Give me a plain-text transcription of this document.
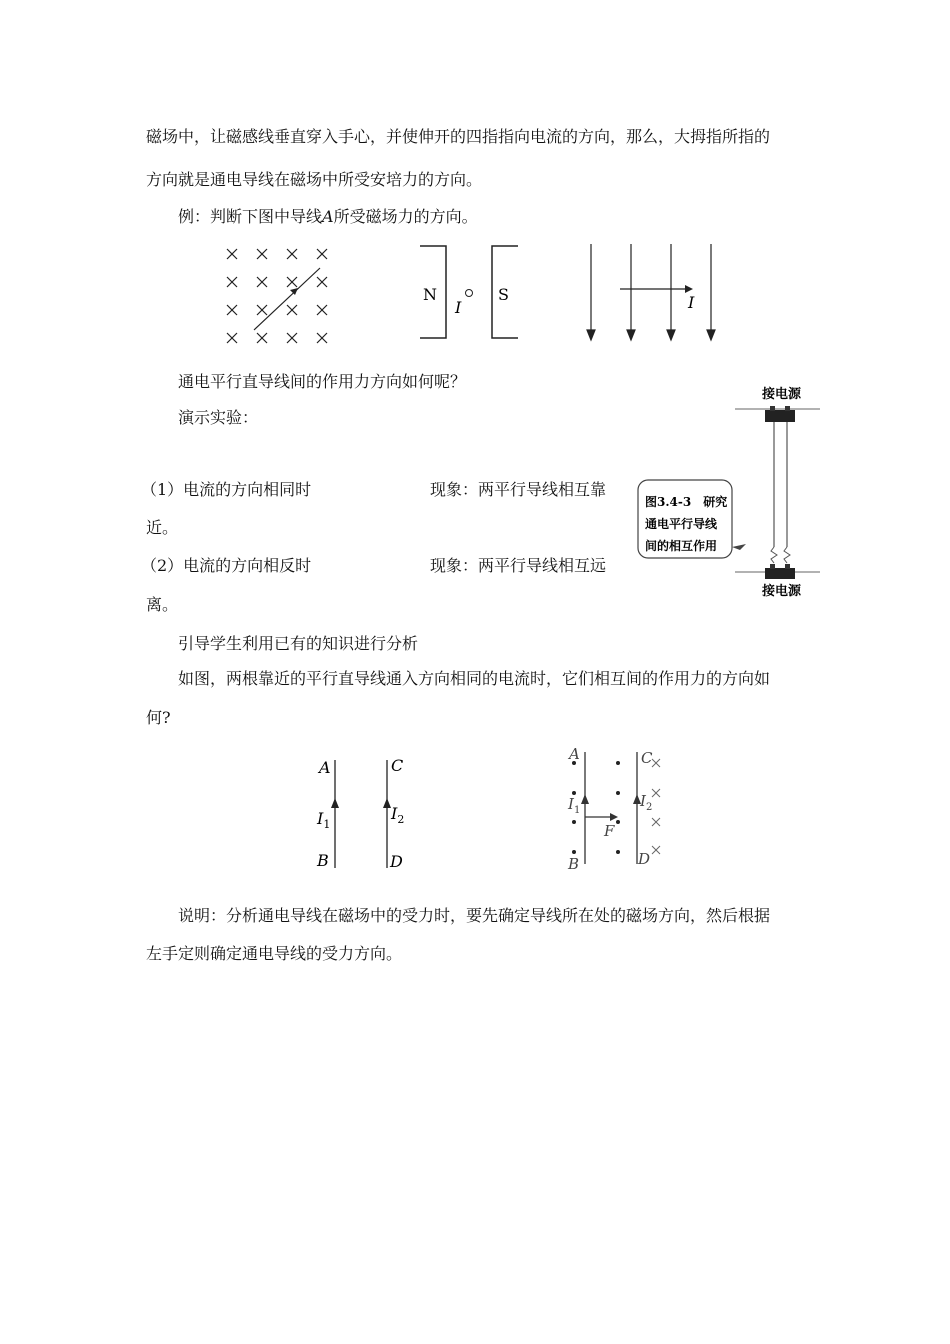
磁场中，让磁感线垂直穿入手心，并使伸开的四指指向电流的方向，那么，大拇指所指的
方向就是通电导线在磁场中所受安培力的方向。
例：判断下图中导线A所受磁场力的方向。
N	S
I	I
通电平行直导线间的作用力方向如何呢？
演示实验：
（1）电流的方向相同时	现象：两平行导线相互靠
近。
（2）电流的方向相反时	现象：两平行导线相互远
离。
接电源
接电源
图3.4-3　研究
通电平行导线
间的相互作用
引导学生利用已有的知识进行分析
如图，两根靠近的平行直导线通入方向相同的电流时，它们相互间的作用力的方向如
何?
A
B
C
D
$I_1$
$I_2$
A
B
C
D
F
$I_1$
$I_2$
说明：分析通电导线在磁场中的受力时，要先确定导线所在处的磁场方向，然后根据
左手定则确定通电导线的受力方向。
